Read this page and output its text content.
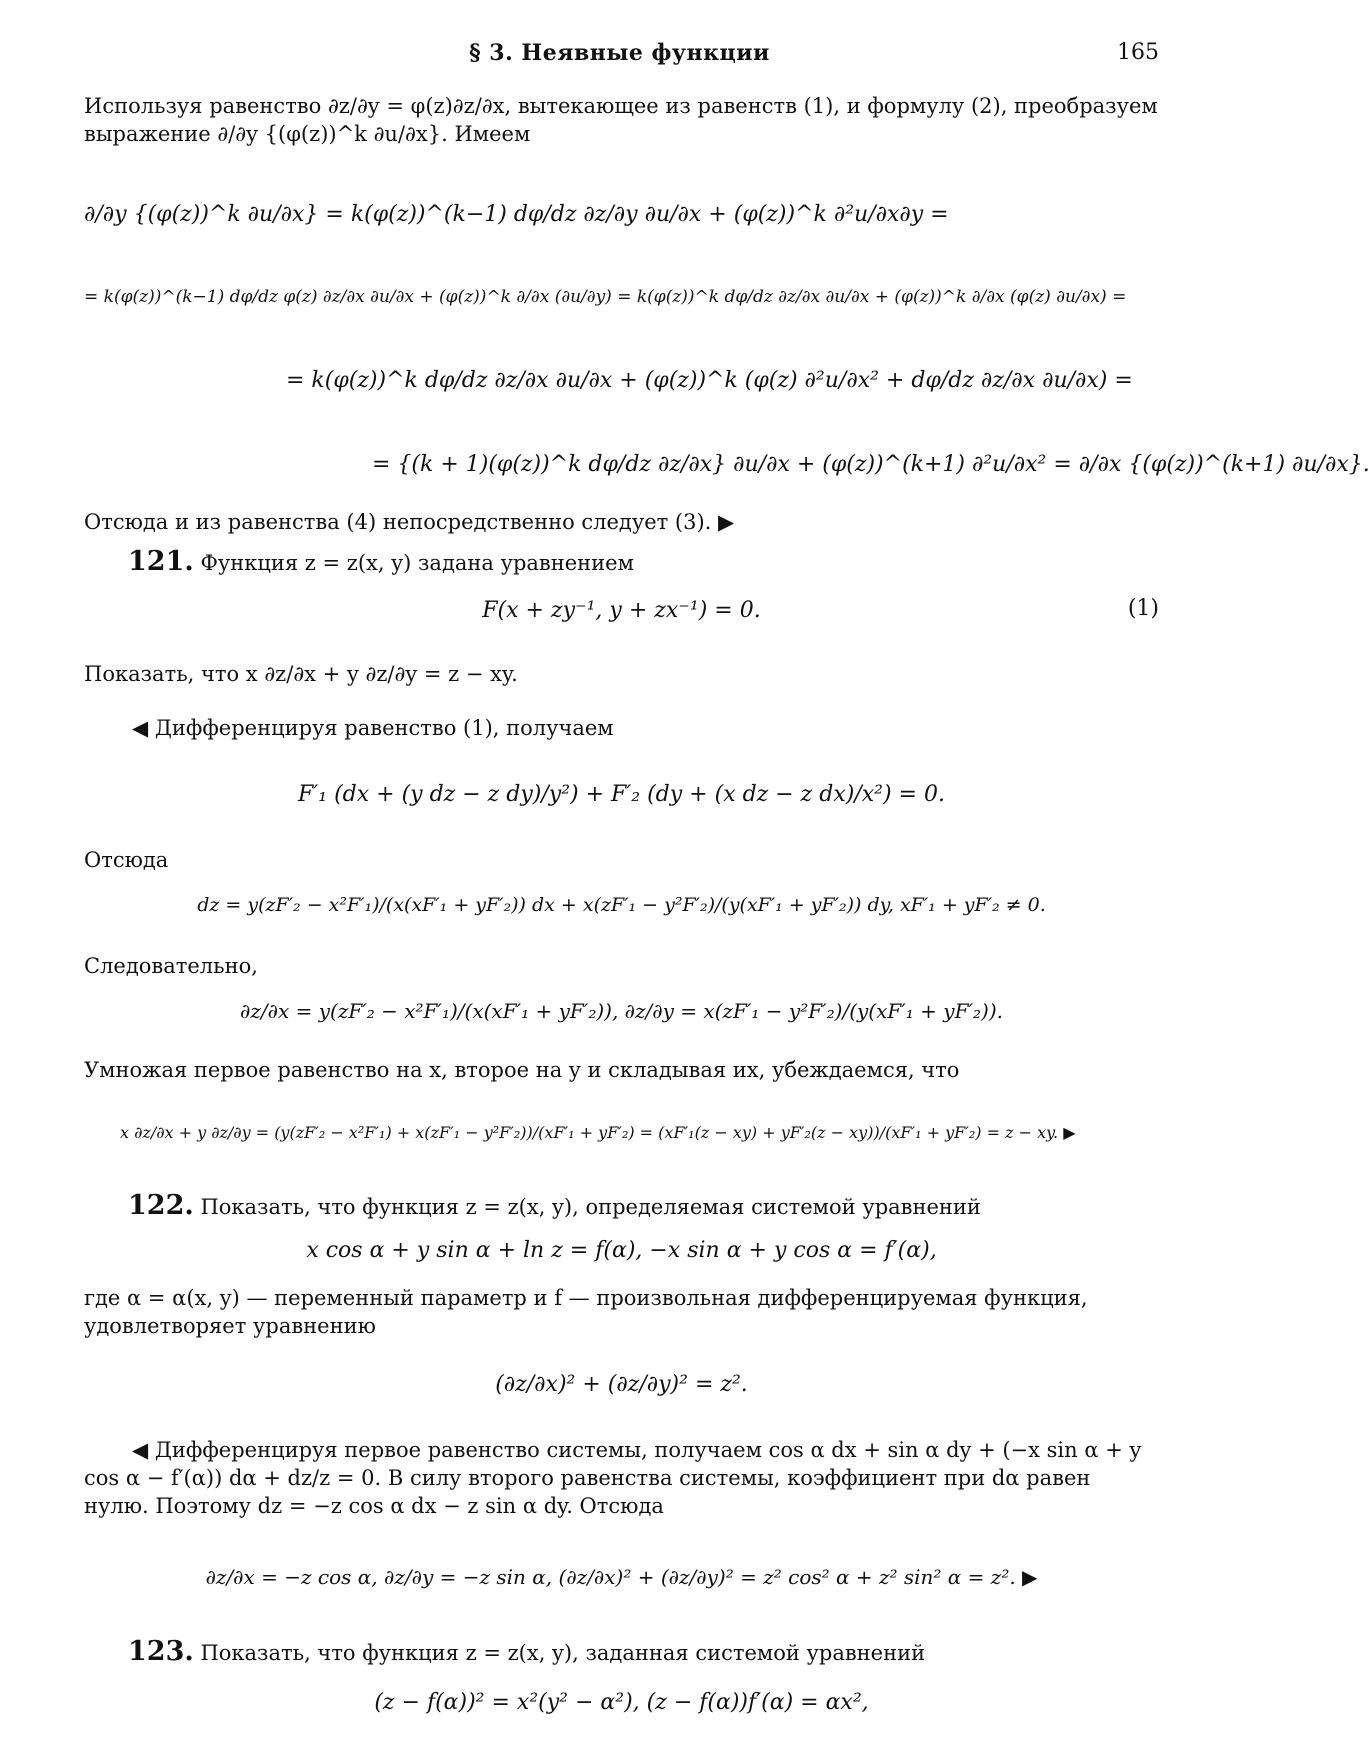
§ 3. Неявные функции	165
Используя равенство ∂z/∂y = φ(z)∂z/∂x, вытекающее из равенств (1), и формулу (2), преобразуем выражение ∂/∂y {(φ(z))^k ∂u/∂x}. Имеем
∂/∂y {(φ(z))^k ∂u/∂x} = k(φ(z))^(k−1) dφ/dz ∂z/∂y ∂u/∂x + (φ(z))^k ∂²u/∂x∂y =
= k(φ(z))^(k−1) dφ/dz φ(z) ∂z/∂x ∂u/∂x + (φ(z))^k ∂/∂x (∂u/∂y) = k(φ(z))^k dφ/dz ∂z/∂x ∂u/∂x + (φ(z))^k ∂/∂x (φ(z) ∂u/∂x) =
= k(φ(z))^k dφ/dz ∂z/∂x ∂u/∂x + (φ(z))^k (φ(z) ∂²u/∂x² + dφ/dz ∂z/∂x ∂u/∂x) =
= {(k + 1)(φ(z))^k dφ/dz ∂z/∂x} ∂u/∂x + (φ(z))^(k+1) ∂²u/∂x² = ∂/∂x {(φ(z))^(k+1) ∂u/∂x}.
Отсюда и из равенства (4) непосредственно следует (3). ▶
121. Функция z = z(x, y) задана уравнением
F(x + zy⁻¹, y + zx⁻¹) = 0.	(1)
Показать, что x ∂z/∂x + y ∂z/∂y = z − xy.
◀ Дифференцируя равенство (1), получаем
F′₁ (dx + (y dz − z dy)/y²) + F′₂ (dy + (x dz − z dx)/x²) = 0.
Отсюда
dz = y(zF′₂ − x²F′₁)/(x(xF′₁ + yF′₂)) dx + x(zF′₁ − y²F′₂)/(y(xF′₁ + yF′₂)) dy, xF′₁ + yF′₂ ≠ 0.
Следовательно,
∂z/∂x = y(zF′₂ − x²F′₁)/(x(xF′₁ + yF′₂)), ∂z/∂y = x(zF′₁ − y²F′₂)/(y(xF′₁ + yF′₂)).
Умножая первое равенство на x, второе на y и складывая их, убеждаемся, что
x ∂z/∂x + y ∂z/∂y = (y(zF′₂ − x²F′₁) + x(zF′₁ − y²F′₂))/(xF′₁ + yF′₂) = (xF′₁(z − xy) + yF′₂(z − xy))/(xF′₁ + yF′₂) = z − xy. ▶
122. Показать, что функция z = z(x, y), определяемая системой уравнений
x cos α + y sin α + ln z = f(α), −x sin α + y cos α = f′(α),
где α = α(x, y) — переменный параметр и f — произвольная дифференцируемая функция, удовлетворяет уравнению
(∂z/∂x)² + (∂z/∂y)² = z².
◀ Дифференцируя первое равенство системы, получаем cos α dx + sin α dy + (−x sin α + y cos α − f′(α)) dα + dz/z = 0. В силу второго равенства системы, коэффициент при dα равен нулю. Поэтому dz = −z cos α dx − z sin α dy. Отсюда
∂z/∂x = −z cos α, ∂z/∂y = −z sin α, (∂z/∂x)² + (∂z/∂y)² = z² cos² α + z² sin² α = z². ▶
123. Показать, что функция z = z(x, y), заданная системой уравнений
(z − f(α))² = x²(y² − α²), (z − f(α))f′(α) = αx²,
